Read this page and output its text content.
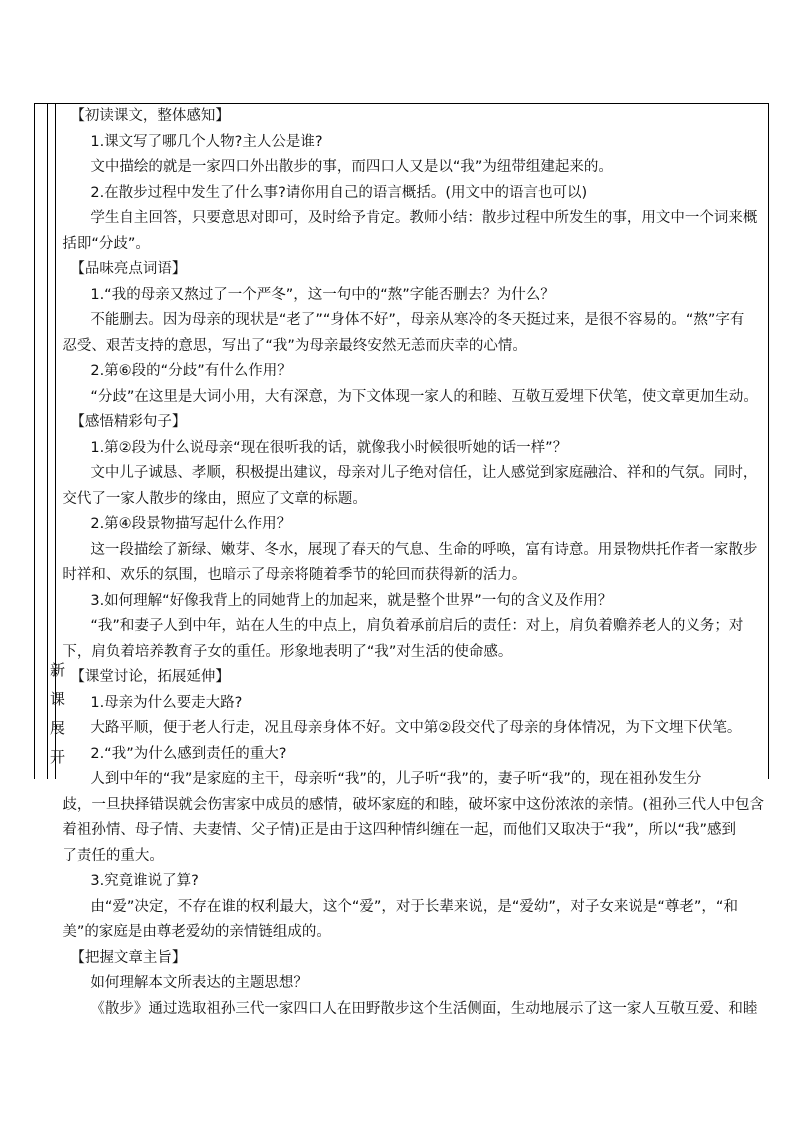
新
课
展
开
【初读课文，整体感知】
1.课文写了哪几个人物?主人公是谁?
文中描绘的就是一家四口外出散步的事，而四口人又是以“我”为纽带组建起来的。
2.在散步过程中发生了什么事?请你用自己的语言概括。(用文中的语言也可以)
学生自主回答，只要意思对即可，及时给予肯定。教师小结：散步过程中所发生的事，用文中一个词来概
括即“分歧”。
【品味亮点词语】
1.“我的母亲又熬过了一个严冬”，这一句中的“熬”字能否删去？为什么？
不能删去。因为母亲的现状是“老了”“身体不好”，母亲从寒冷的冬天挺过来，是很不容易的。“熬”字有
忍受、艰苦支持的意思，写出了“我”为母亲最终安然无恙而庆幸的心情。
2.第⑥段的“分歧”有什么作用？
“分歧”在这里是大词小用，大有深意，为下文体现一家人的和睦、互敬互爱埋下伏笔，使文章更加生动。
【感悟精彩句子】
1.第②段为什么说母亲“现在很听我的话，就像我小时候很听她的话一样”？
文中儿子诚恳、孝顺，积极提出建议，母亲对儿子绝对信任，让人感觉到家庭融洽、祥和的气氛。同时，
交代了一家人散步的缘由，照应了文章的标题。
2.第④段景物描写起什么作用？
这一段描绘了新绿、嫩芽、冬水，展现了春天的气息、生命的呼唤，富有诗意。用景物烘托作者一家散步
时祥和、欢乐的氛围，也暗示了母亲将随着季节的轮回而获得新的活力。
3.如何理解“好像我背上的同她背上的加起来，就是整个世界”一句的含义及作用？
“我”和妻子人到中年，站在人生的中点上，肩负着承前启后的责任：对上，肩负着赡养老人的义务；对
下，肩负着培养教育子女的重任。形象地表明了“我”对生活的使命感。
【课堂讨论，拓展延伸】
1.母亲为什么要走大路?
大路平顺，便于老人行走，况且母亲身体不好。文中第②段交代了母亲的身体情况，为下文埋下伏笔。
2.“我”为什么感到责任的重大?
人到中年的“我”是家庭的主干，母亲听“我”的，儿子听“我”的，妻子听“我”的，现在祖孙发生分
歧，一旦抉择错误就会伤害家中成员的感情，破坏家庭的和睦，破坏家中这份浓浓的亲情。(祖孙三代人中包含
着祖孙情、母子情、夫妻情、父子情)正是由于这四种情纠缠在一起，而他们又取决于“我”，所以“我”感到
了责任的重大。
3.究竟谁说了算?
由“爱”决定，不存在谁的权利最大，这个“爱”，对于长辈来说，是“爱幼”，对子女来说是“尊老”，“和
美”的家庭是由尊老爱幼的亲情链组成的。
【把握文章主旨】
如何理解本文所表达的主题思想？
《散步》通过选取祖孙三代一家四口人在田野散步这个生活侧面，生动地展示了这一家人互敬互爱、和睦
